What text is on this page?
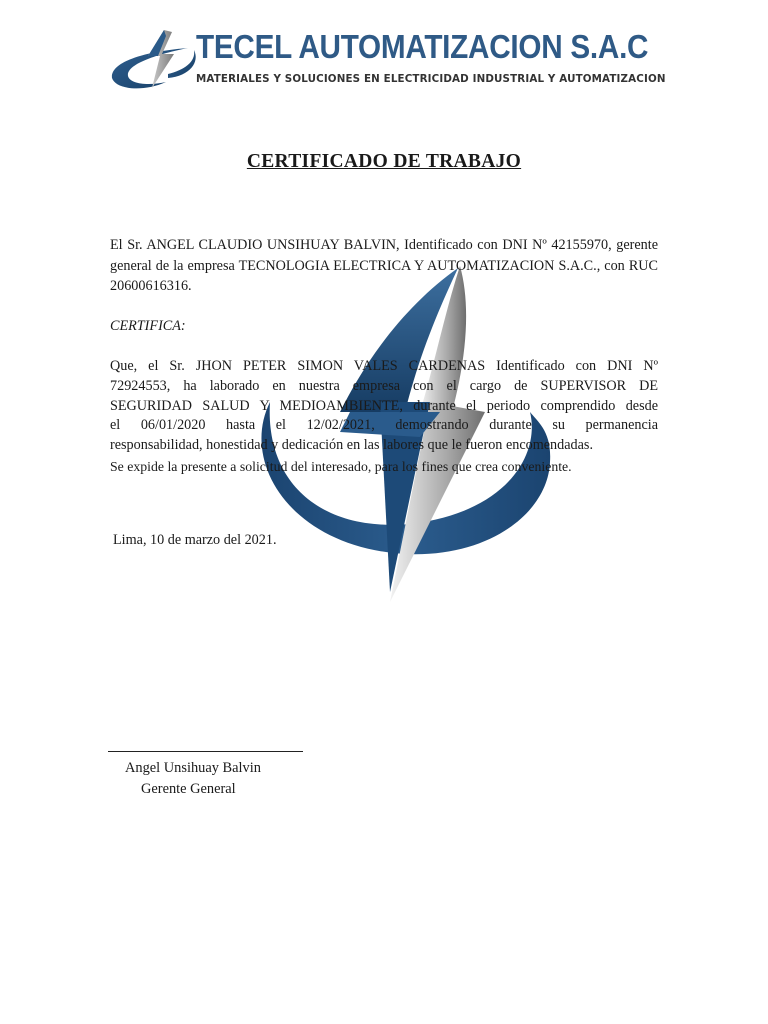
TECEL AUTOMATIZACION S.A.C
MATERIALES Y SOLUCIONES EN ELECTRICIDAD INDUSTRIAL Y AUTOMATIZACION
CERTIFICADO DE TRABAJO
El Sr. ANGEL CLAUDIO UNSIHUAY BALVIN, Identificado con DNI Nº 42155970, gerente general de la empresa TECNOLOGIA ELECTRICA Y AUTOMATIZACION S.A.C., con RUC 20600616316.
CERTIFICA:
Que, el Sr. JHON PETER SIMON VALES CARDENAS Identificado con DNI Nº
72924553, ha laborado en nuestra empresa con el cargo de SUPERVISOR DE
SEGURIDAD SALUD Y MEDIOAMBIENTE, durante el periodo comprendido desde
el 06/01/2020 hasta el 12/02/2021, demostrando durante su permanencia
responsabilidad, honestidad y dedicación en las labores que le fueron encomendadas.
Se expide la presente a solicitud del interesado, para los fines que crea conveniente.
Lima, 10 de marzo del 2021.
Angel Unsihuay Balvin
Gerente General
